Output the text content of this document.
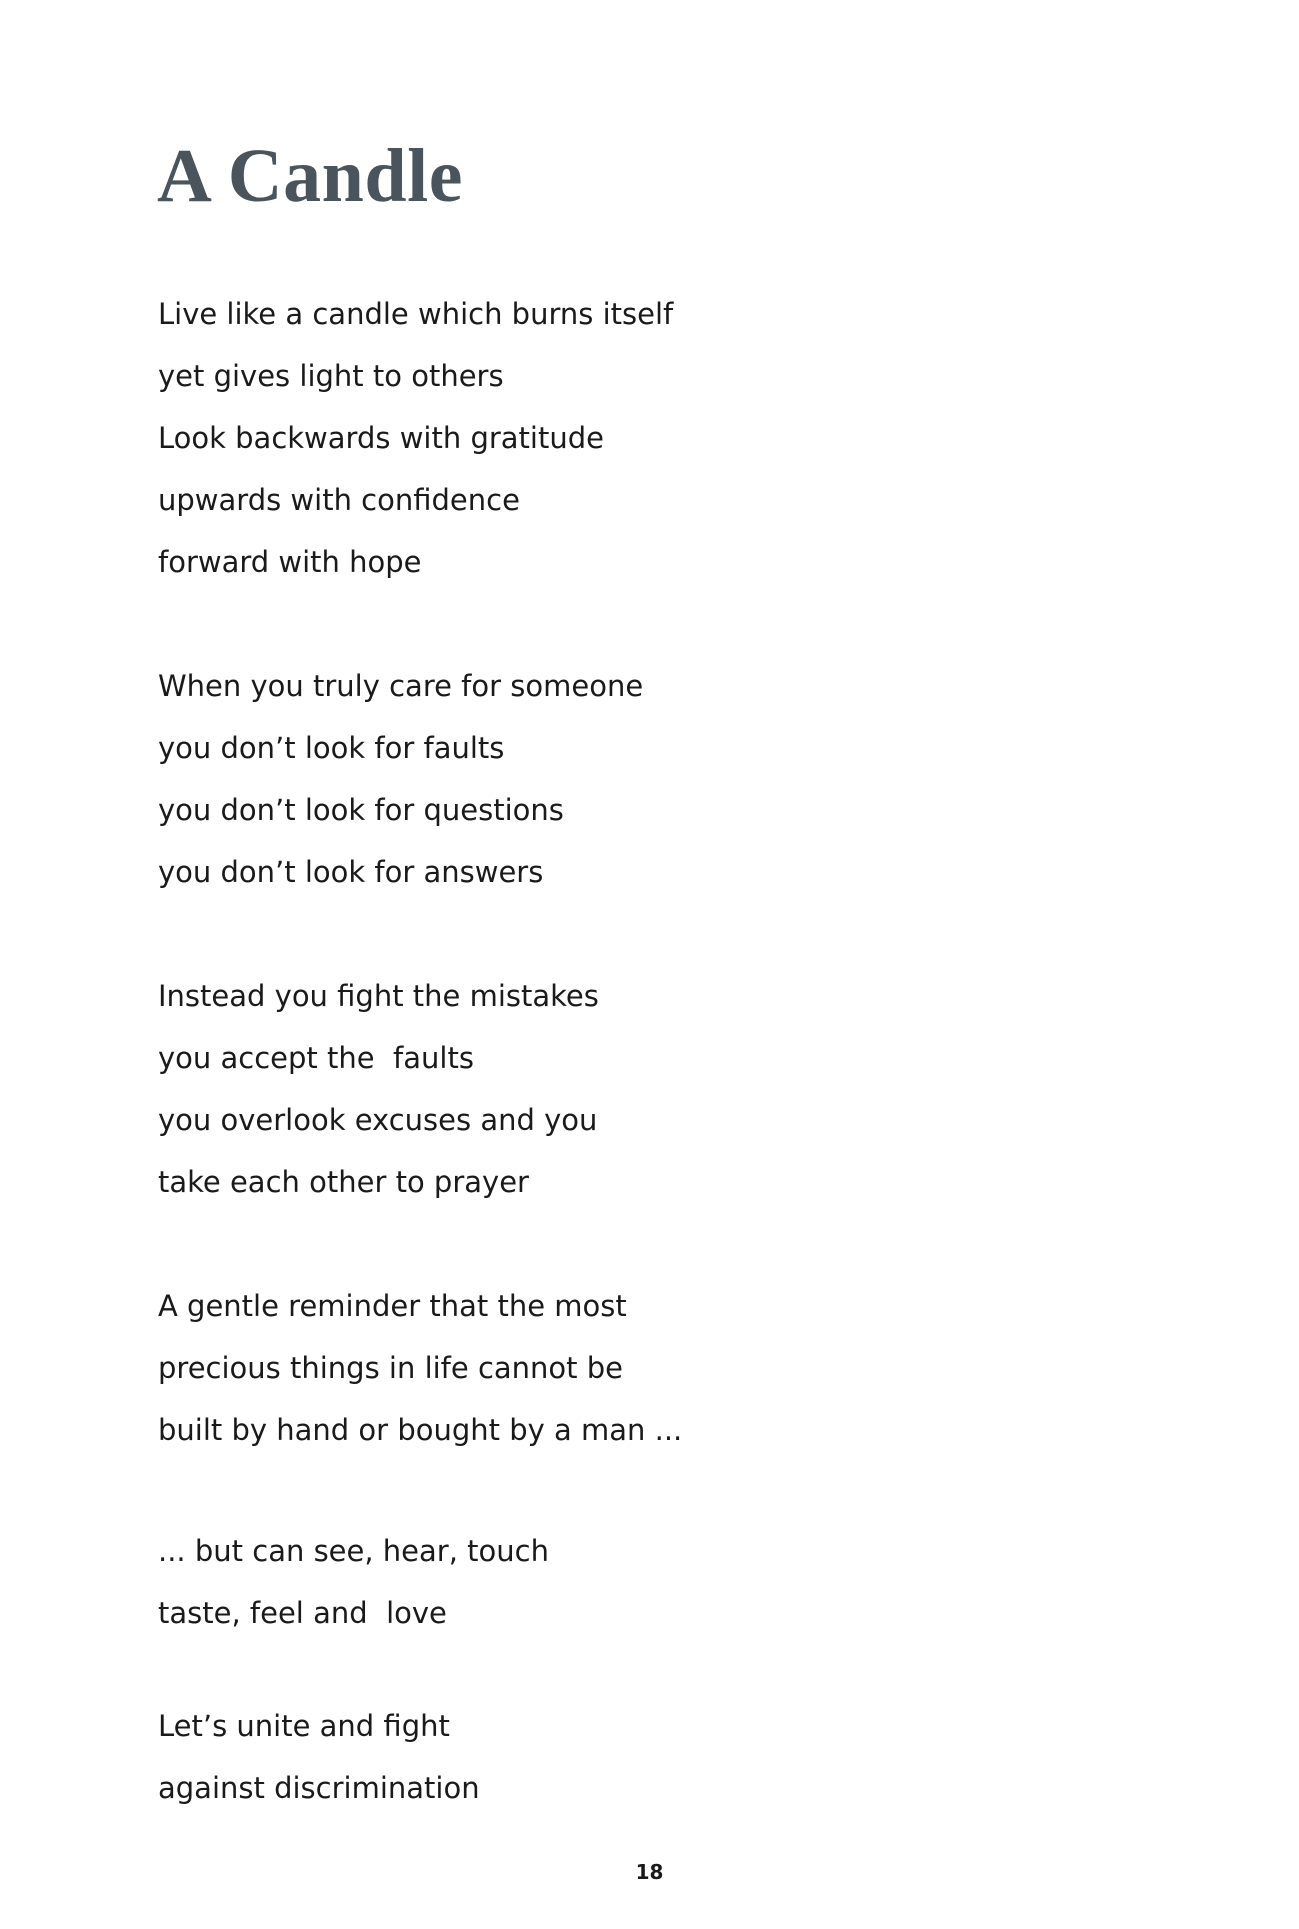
A Candle
Live like a candle which burns itself
yet gives light to others
Look backwards with gratitude
upwards with confidence
forward with hope
When you truly care for someone
you don’t look for faults
you don’t look for questions
you don’t look for answers
Instead you fight the mistakes
you accept the  faults
you overlook excuses and you
take each other to prayer
A gentle reminder that the most
precious things in life cannot be
built by hand or bought by a man ...
... but can see, hear, touch
taste, feel and  love
Let’s unite and fight
against discrimination
18
